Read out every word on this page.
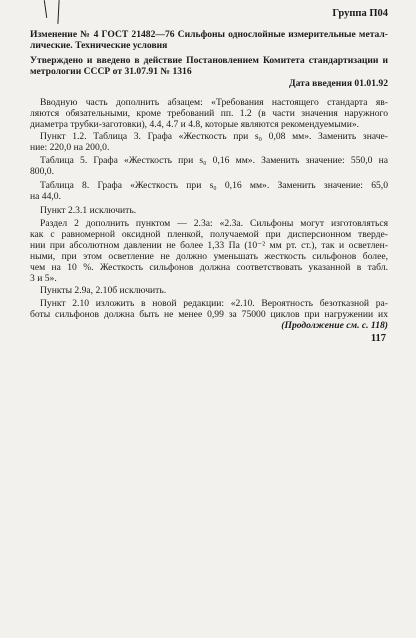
Группа П04
Изменение № 4 ГОСТ 21482—76 Сильфоны однослойные измерительные метал-
лические. Технические условия
Утверждено и введено в действие Постановлением Комитета стандартизации и
метрологии СССР от 31.07.91 № 1316
Дата введения 01.01.92
Вводную часть дополнить абзацем: «Требования настоящего стандарта яв-
ляются обязательными, кроме требований пп. 1.2 (в части значения наружного
диаметра трубки-заготовки), 4.4, 4.7 и 4.8, которые являются рекомендуемыми».
Пункт 1.2. Таблица 3. Графа «Жесткость при s₀ 0,08 мм». Заменить значе-
ние: 220,0 на 200,0.
Таблица 5. Графа «Жесткость при s₀ 0,16 мм». Заменить значение: 550,0 на
800,0.
Таблица 8. Графа «Жесткость при s₀ 0,16 мм». Заменить значение: 65,0
на 44,0.
Пункт 2.3.1 исключить.
Раздел 2 дополнить пунктом — 2.3а: «2.3а. Сильфоны могут изготовляться
как с равномерной оксидной пленкой, получаемой при дисперсионном тверде-
нии при абсолютном давлении не более 1,33 Па (10⁻² мм рт. ст.), так и осветлен-
ными, при этом осветление не должно уменьшать жесткость сильфонов более,
чем на 10 %. Жесткость сильфонов должна соответствовать указанной в табл.
3 и 5».
Пункты 2.9а, 2.10б исключить.
Пункт 2.10 изложить в новой редакции: «2.10. Вероятность безотказной ра-
боты сильфонов должна быть не менее 0,99 за 75000 циклов при нагружении их
(Продолжение см. с. 118)
117
